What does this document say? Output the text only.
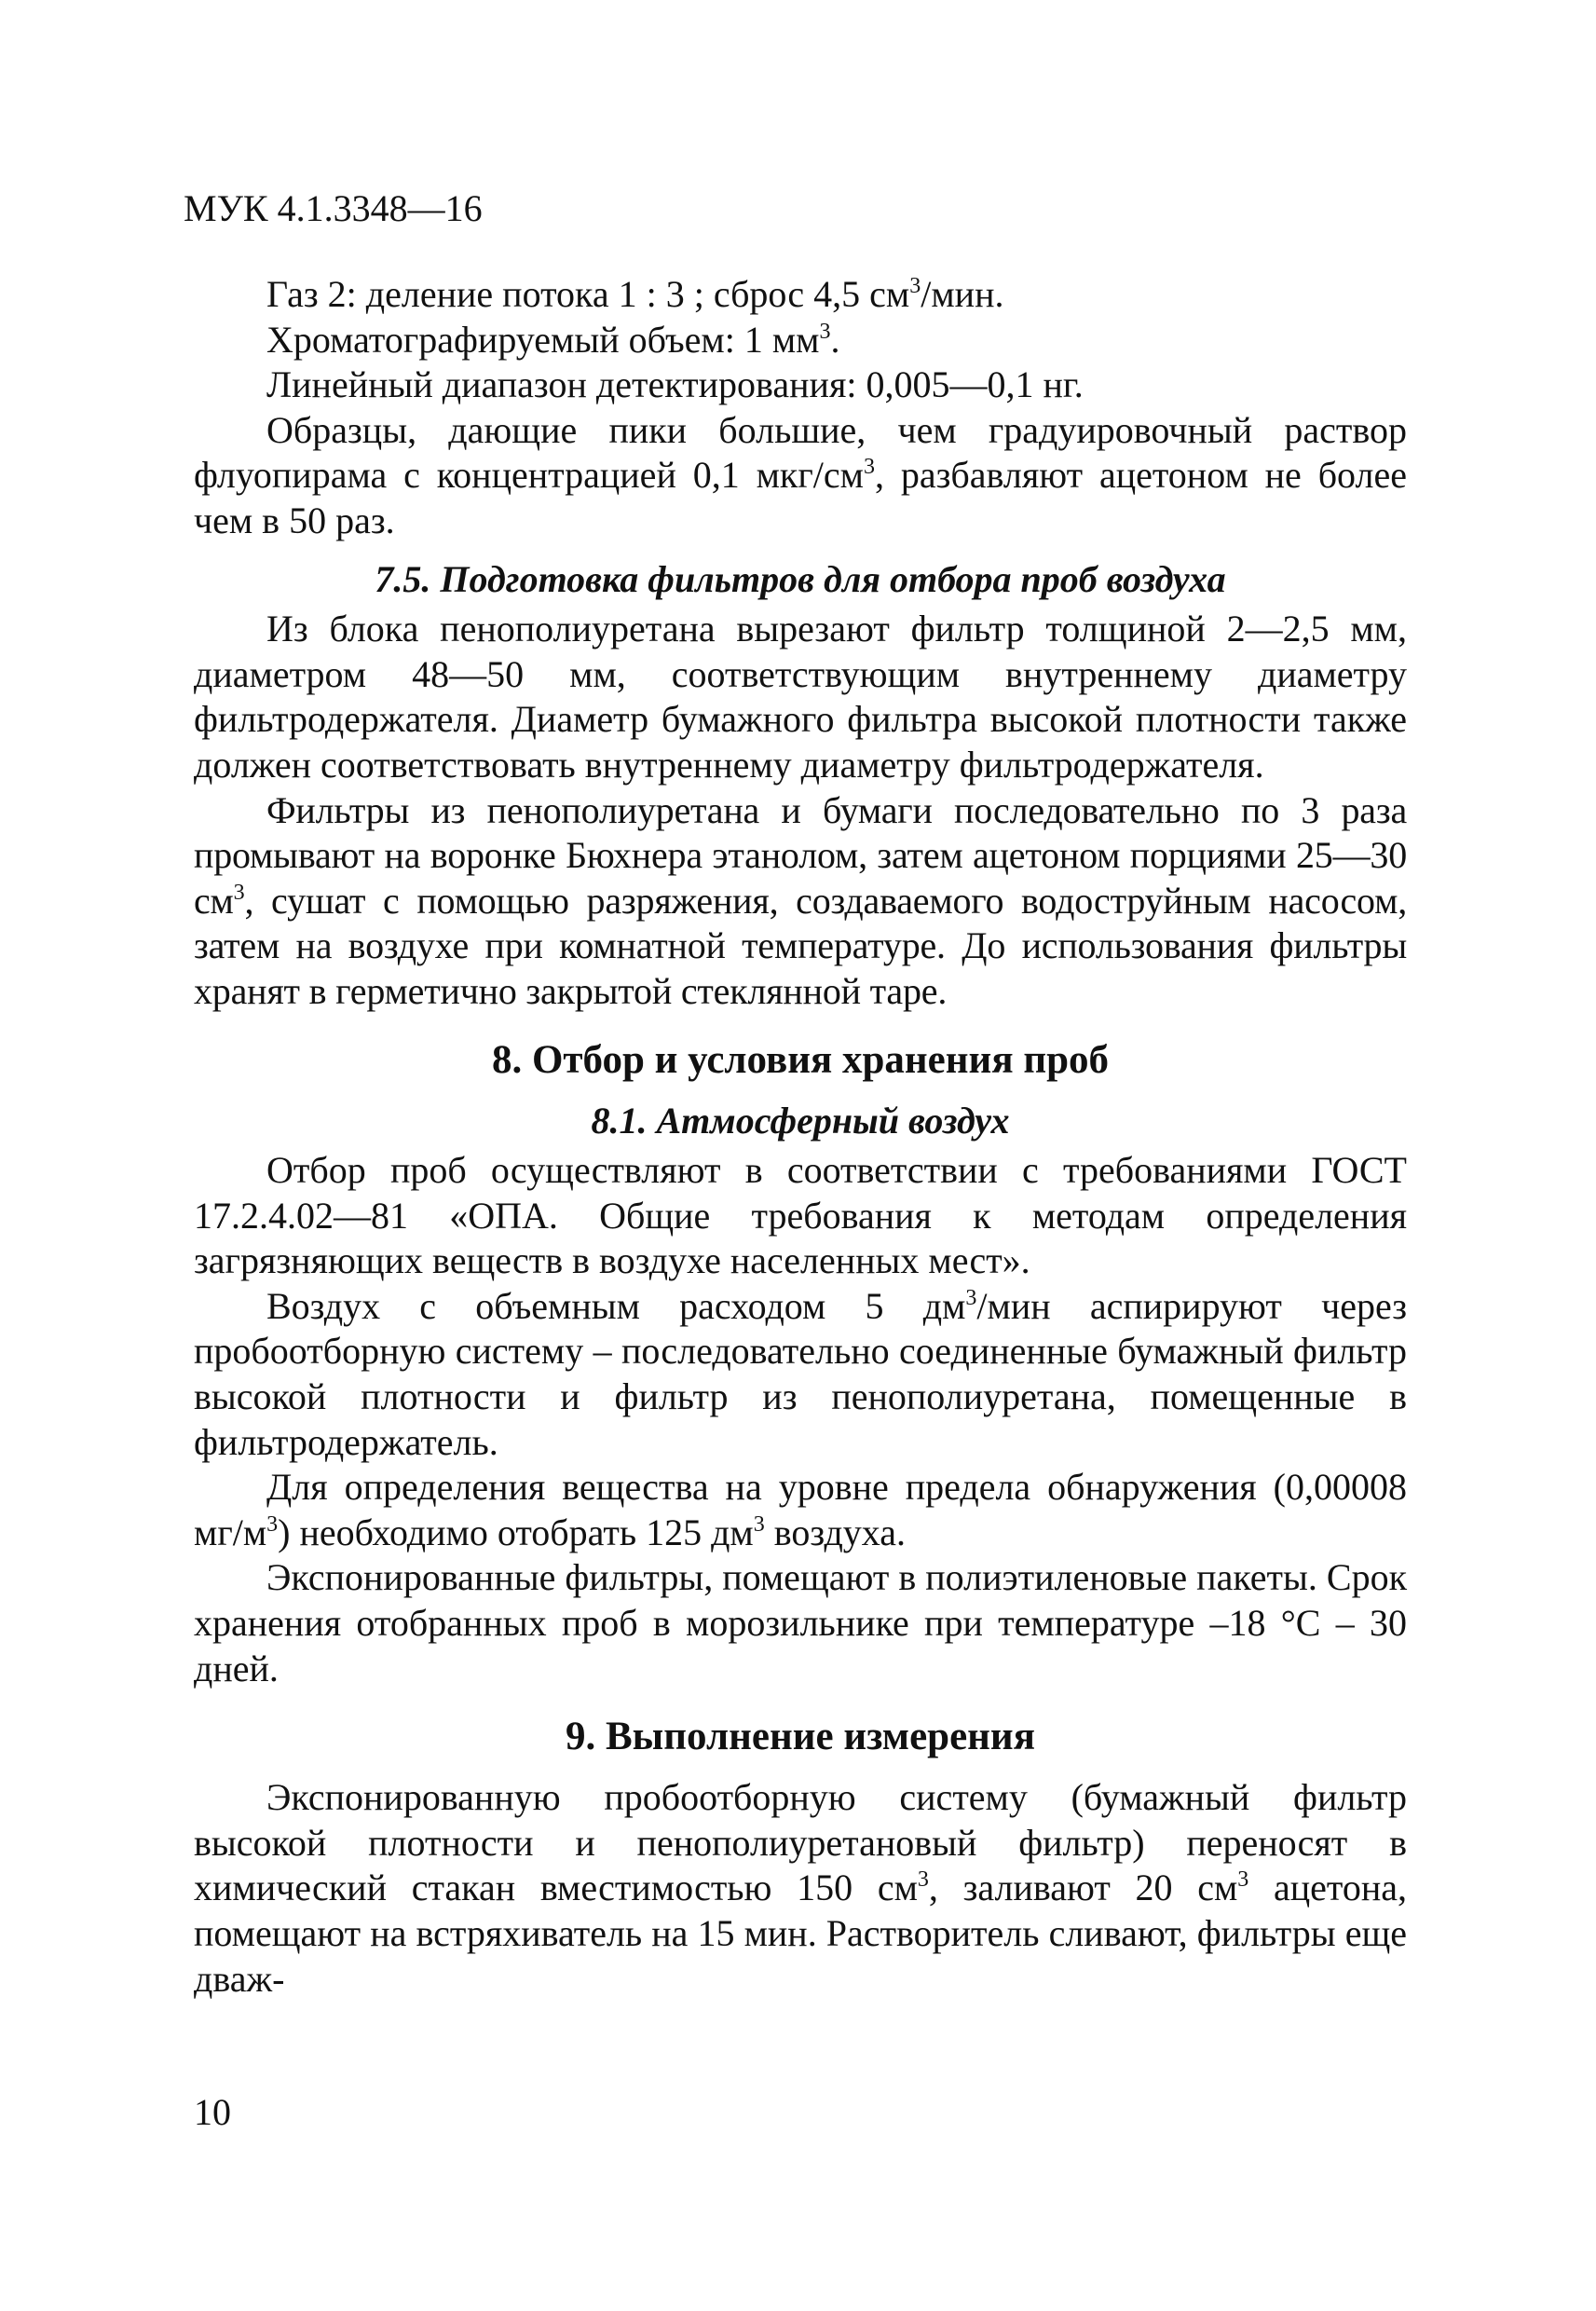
МУК 4.1.3348—16

Газ 2: деление потока 1 : 3 ; сброс 4,5 $см^3$/мин.

Хроматографируемый объем: 1 $мм^3$.

Линейный диапазон детектирования: 0,005—0,1 нг.

Образцы, дающие пики большие, чем градуировочный раствор флуопирама с концентрацией 0,1 мкг/$см^3$, разбавляют ацетоном не более чем в 50 раз.

7.5. Подготовка фильтров для отбора проб воздуха

Из блока пенополиуретана вырезают фильтр толщиной 2—2,5 мм, диаметром 48—50 мм, соответствующим внутреннему диаметру фильтродержателя. Диаметр бумажного фильтра высокой плотности также должен соответствовать внутреннему диаметру фильтродержателя.

Фильтры из пенополиуретана и бумаги последовательно по 3 раза промывают на воронке Бюхнера этанолом, затем ацетоном порциями 25—30 $см^3$, сушат с помощью разряжения, создаваемого водоструйным насосом, затем на воздухе при комнатной температуре. До использования фильтры хранят в герметично закрытой стеклянной таре.

8. Отбор и условия хранения проб

8.1. Атмосферный воздух

Отбор проб осуществляют в соответствии с требованиями ГОСТ 17.2.4.02—81 «ОПА. Общие требования к методам определения загрязняющих веществ в воздухе населенных мест».

Воздух с объемным расходом 5 $дм^3$/мин аспирируют через пробоотборную систему – последовательно соединенные бумажный фильтр высокой плотности и фильтр из пенополиуретана, помещенные в фильтродержатель.

Для определения вещества на уровне предела обнаружения (0,00008 $мг/м^3$) необходимо отобрать 125 $дм^3$ воздуха.

Экспонированные фильтры, помещают в полиэтиленовые пакеты. Срок хранения отобранных проб в морозильнике при температуре –18 °С – 30 дней.

9. Выполнение измерения

Экспонированную пробоотборную систему (бумажный фильтр высокой плотности и пенополиуретановый фильтр) переносят в химический стакан вместимостью 150 $см^3$, заливают 20 $см^3$ ацетона, помещают на встряхиватель на 15 мин. Растворитель сливают, фильтры еще дваж-

10
